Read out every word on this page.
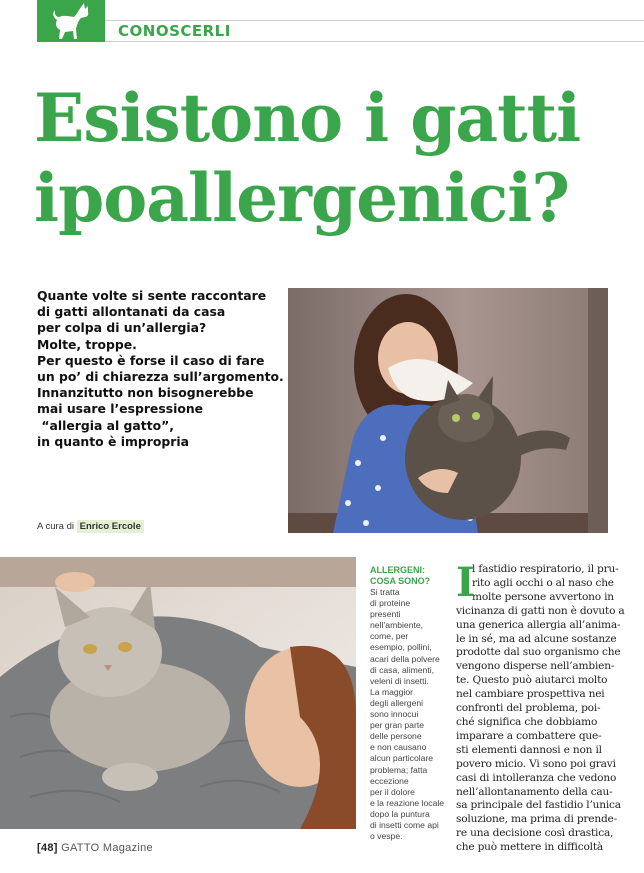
CONOSCERLI
Esistono i gatti
ipoallergenici?
Quante volte si sente raccontare
di gatti allontanati da casa
per colpa di un’allergia?
Molte, troppe.
Per questo è forse il caso di fare
un po’ di chiarezza sull’argomento.
Innanzitutto non bisognerebbe
mai usare l’espressione
“allergia al gatto”,
in quanto è impropria
A cura di Enrico Ercole
ALLERGENI:
COSA SONO?
Si tratta
di proteine
presenti
nell’ambiente,
come, per
esempio, pollini,
acari della polvere
di casa, alimenti,
veleni di insetti.
La maggior
degli allergeni
sono innocui
per gran parte
delle persone
e non causano
alcun particolare
problema; fatta
eccezione
per il dolore
e la reazione locale
dopo la puntura
di insetti come api
o vespe.
I
l fastidio respiratorio, il pru-
rito agli occhi o al naso che
molte persone avvertono in
vicinanza di gatti non è dovuto a
una generica allergia all’anima-
le in sé, ma ad alcune sostanze
prodotte dal suo organismo che
vengono disperse nell’ambien-
te. Questo può aiutarci molto
nel cambiare prospettiva nei
confronti del problema, poi-
ché significa che dobbiamo
imparare a combattere que-
sti elementi dannosi e non il
povero micio. Vi sono poi gravi
casi di intolleranza che vedono
nell’allontanamento della cau-
sa principale del fastidio l’unica
soluzione, ma prima di prende-
re una decisione così drastica,
che può mettere in difficoltà
[48] GATTO Magazine
